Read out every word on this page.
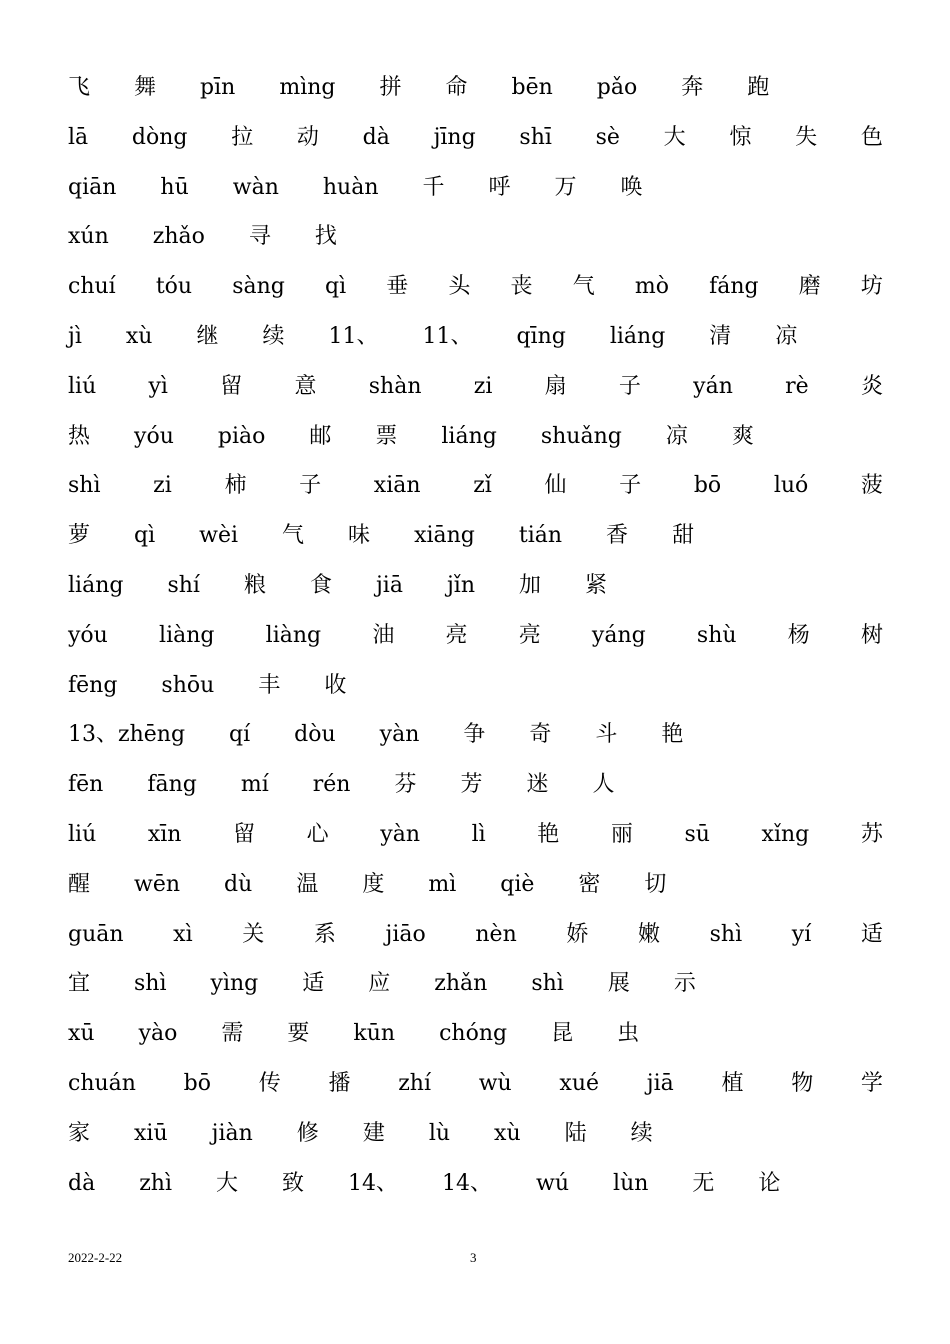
飞 舞 pīn mìng 拼 命 bēn pǎo 奔 跑
lā dòng 拉 动 dà jīng shī sè 大 惊 失 色
qiān hū wàn huàn 千 呼 万 唤
xún zhǎo 寻 找
chuí tóu sàng qì 垂 头 丧 气 mò fáng 磨 坊
jì xù 继 续 11、 11、 qīng liáng 清 凉
liú yì 留 意 shàn zi 扇 子 yán rè 炎
热 yóu piào 邮 票 liáng shuǎng 凉 爽
shì zi 柿 子 xiān zǐ 仙 子 bō luó 菠
萝 qì wèi 气 味 xiāng tián 香 甜
liáng shí 粮 食 jiā jǐn 加 紧
yóu liàng liàng 油 亮 亮 yáng shù 杨 树
fēng shōu 丰 收
13、zhēng qí dòu yàn 争 奇 斗 艳
fēn fāng mí rén 芬 芳 迷 人
liú xīn 留 心 yàn lì 艳 丽 sū xǐng 苏
醒 wēn dù 温 度 mì qiè 密 切
guān xì 关 系 jiāo nèn 娇 嫩 shì yí 适
宜 shì yìng 适 应 zhǎn shì 展 示
xū yào 需 要 kūn chóng 昆 虫
chuán bō 传 播 zhí wù xué jiā 植 物 学
家 xiū jiàn 修 建 lù xù 陆 续
dà zhì 大 致 14、 14、 wú lùn 无 论
2022-2-22	3
